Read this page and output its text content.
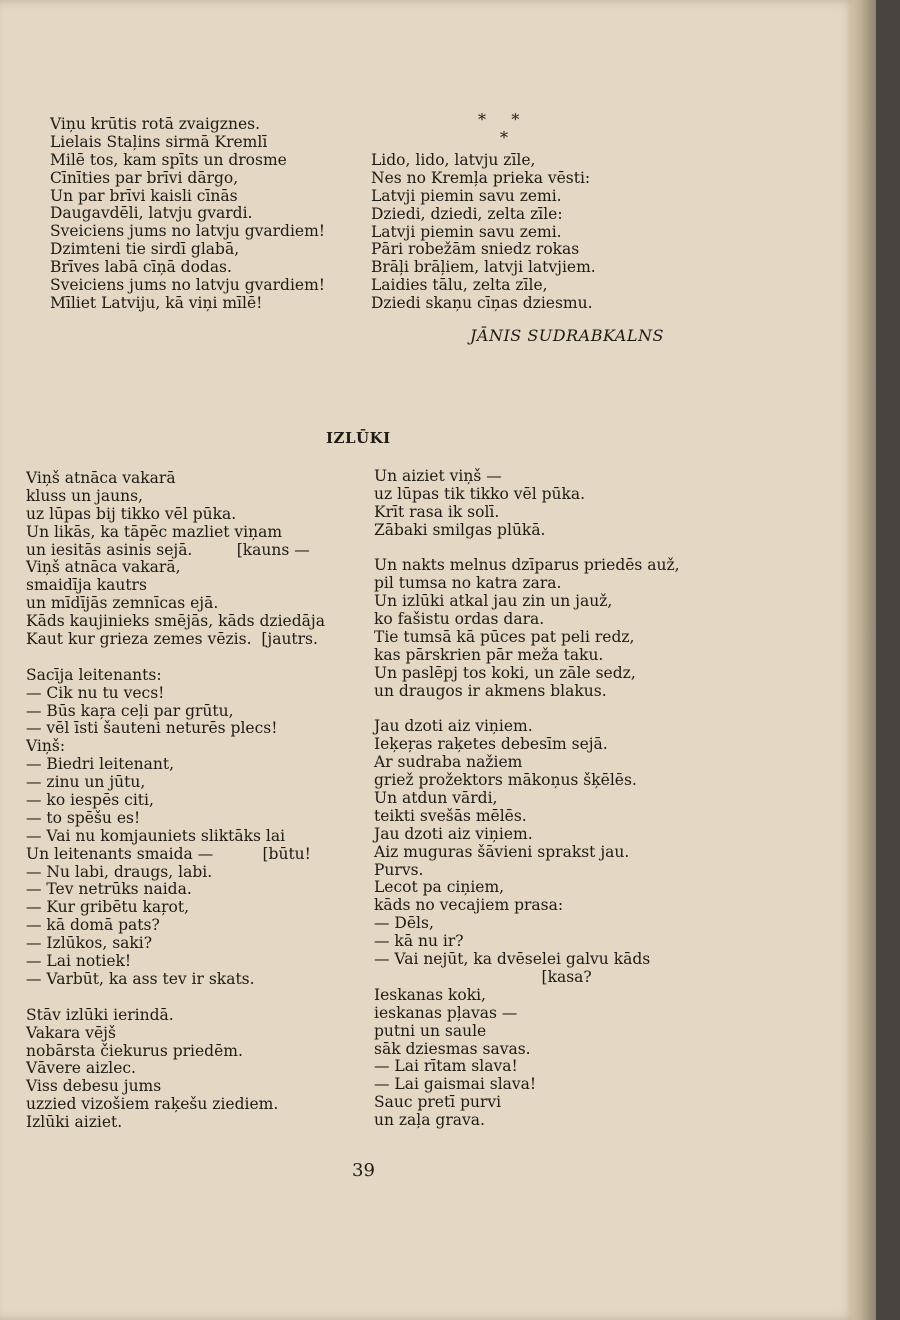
Viņu krūtis rotā zvaigznes.
Lielais Staļins sirmā Kremlī
Milē tos, kam spīts un drosme
Cīnīties par brīvi dārgo,
Un par brīvi kaisli cīnās
Daugavdēli, latvju gvardi.
Sveiciens jums no latvju gvardiem!
Dzimteni tie sirdī glabā,
Brīves labā cīņā dodas.
Sveiciens jums no latvju gvardiem!
Mīliet Latviju, kā viņi mīlē!
*     *
*
Lido, lido, latvju zīle,
Nes no Kremļa prieka vēsti:
Latvji piemin savu zemi.
Dziedi, dziedi, zelta zīle:
Latvji piemin savu zemi.
Pāri robežām sniedz rokas
Brāļi brāļiem, latvji latvjiem.
Laidies tālu, zelta zīle,
Dziedi skaņu cīņas dziesmu.
JĀNIS SUDRABKALNS
IZLŪKI
Viņš atnāca vakarā
kluss un jauns,
uz lūpas bij tikko vēl pūka.
Un likās, ka tāpēc mazliet viņam
un iesitās asinis sejā.         [kauns —
Viņš atnāca vakarā,
smaidīja kautrs
un mīdījās zemnīcas ejā.
Kāds kaujinieks smējās, kāds dziedāja
Kaut kur grieza zemes vēzis.  [jautrs.
Sacīja leitenants:
— Cik nu tu vecs!
— Būs kaŗa ceļi par grūtu,
— vēl īsti šauteni neturēs plecs!
Viņš:
— Biedri leitenant,
— zinu un jūtu,
— ko iespēs citi,
— to spēšu es!
— Vai nu komjauniets sliktāks lai
Un leitenants smaida —          [būtu!
— Nu labi, draugs, labi.
— Tev netrūks naida.
— Kur gribētu kaŗot,
— kā domā pats?
— Izlūkos, saki?
— Lai notiek!
— Varbūt, ka ass tev ir skats.
Stāv izlūki ierindā.
Vakara vējš
nobārsta čiekurus priedēm.
Vāvere aizlec.
Viss debesu jums
uzzied vizošiem raķešu ziediem.
Izlūki aiziet.
Un aiziet viņš —
uz lūpas tik tikko vēl pūka.
Krīt rasa ik solī.
Zābaki smilgas plūkā.
Un nakts melnus dzīparus priedēs auž,
pil tumsa no katra zara.
Un izlūki atkal jau zin un jauž,
ko fašistu ordas dara.
Tie tumsā kā pūces pat peli redz,
kas pārskrien pār meža taku.
Un paslēpj tos koki, un zāle sedz,
un draugos ir akmens blakus.
Jau dzoti aiz viņiem.
Ieķeŗas raķetes debesīm sejā.
Ar sudraba nažiem
griež prožektors mākoņus šķēlēs.
Un atdun vārdi,
teikti svešās mēlēs.
Jau dzoti aiz viņiem.
Aiz muguras šāvieni sprakst jau.
Purvs.
Lecot pa ciņiem,
kāds no vecajiem prasa:
— Dēls,
— kā nu ir?
— Vai nejūt, ka dvēselei galvu kāds
[kasa?
Ieskanas koki,
ieskanas pļavas —
putni un saule
sāk dziesmas savas.
— Lai rītam slava!
— Lai gaismai slava!
Sauc pretī purvi
un zaļa grava.
39
